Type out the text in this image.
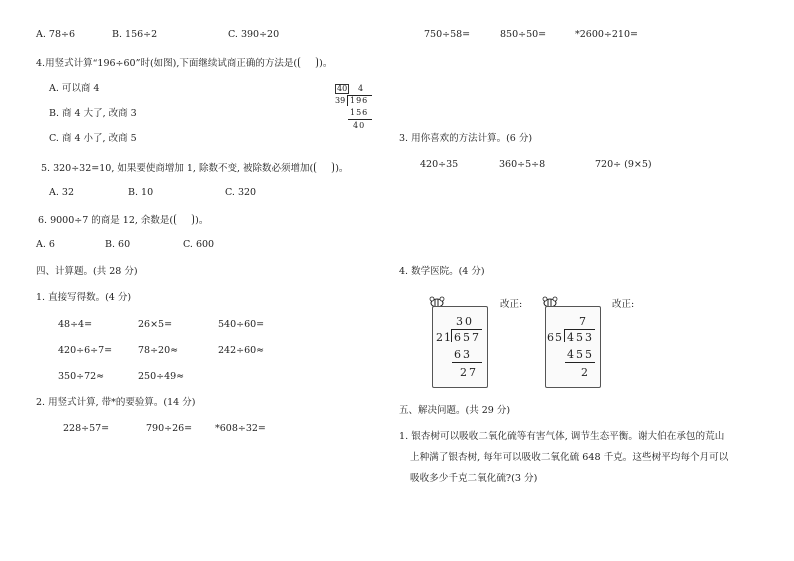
A. 78÷6	B. 156÷2	C. 390÷20
4.用竖式计算“196÷60”时(如图),下面继续试商正确的方法是( )。
A. 可以商 4
B. 商 4 大了, 改商 3
C. 商 4 小了, 改商 5
40 4
39 196
156
40
5. 320÷32=10, 如果要使商增加 1, 除数不变, 被除数必须增加( )。
A. 32	B. 10	C. 320
6. 9000÷7 的商是 12, 余数是( )。
A. 6	B. 60	C. 600
四、计算题。(共 28 分)
1. 直接写得数。(4 分)
48÷4=	26×5=	540÷60=
420÷6÷7=	78÷20≈	242÷60≈
350÷72≈	250÷49≈
2. 用竖式计算, 带*的要验算。(14 分)
228÷57=	790÷26= *608÷32=
750÷58=	850÷50=	*2600÷210=
3. 用你喜欢的方法计算。(6 分)
420÷35	360÷5÷8	720÷ (9×5)
4. 数学医院。(4 分)
30
21 657
63
27
改正:
7
65 453
455
2
改正:
五、解决问题。(共 29 分)
1. 银杏树可以吸收二氧化硫等有害气体, 调节生态平衡。谢大伯在承包的荒山
上种满了银杏树, 每年可以吸收二氧化硫 648 千克。这些树平均每个月可以
吸收多少千克二氧化硫?(3 分)
